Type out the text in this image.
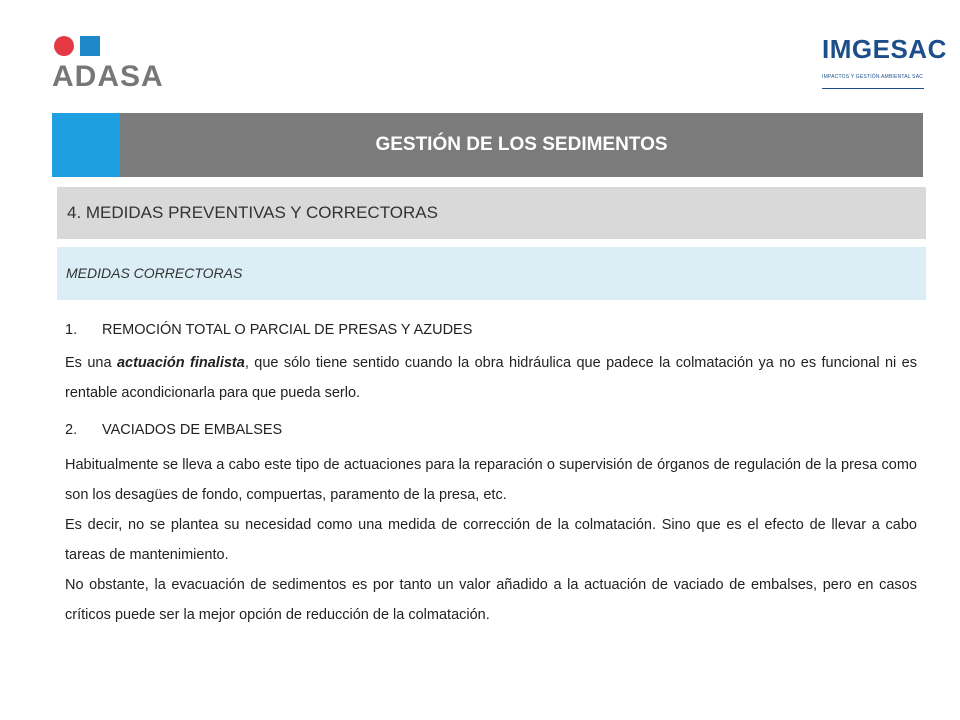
ADASA
IMGESAC
IMPACTOS Y GESTIÓN AMBIENTAL SAC
GESTIÓN DE LOS SEDIMENTOS
4. MEDIDAS PREVENTIVAS Y CORRECTORAS
MEDIDAS CORRECTORAS
1.	REMOCIÓN TOTAL O PARCIAL DE PRESAS Y AZUDES

Es una actuación finalista, que sólo tiene sentido cuando la obra hidráulica que padece la colmatación ya no es funcional ni es rentable acondicionarla para que pueda serlo.

2.	VACIADOS DE EMBALSES

Habitualmente se lleva a cabo este tipo de actuaciones para la reparación o supervisión de órganos de regulación de la presa como son los desagües de fondo, compuertas, paramento de la presa, etc.

Es decir, no se plantea su necesidad como una medida de corrección de la colmatación. Sino que es el efecto de llevar a cabo tareas de mantenimiento.

No obstante, la evacuación de sedimentos es por tanto un valor añadido a la actuación de vaciado de embalses, pero en casos críticos puede ser la mejor opción de reducción de la colmatación.
